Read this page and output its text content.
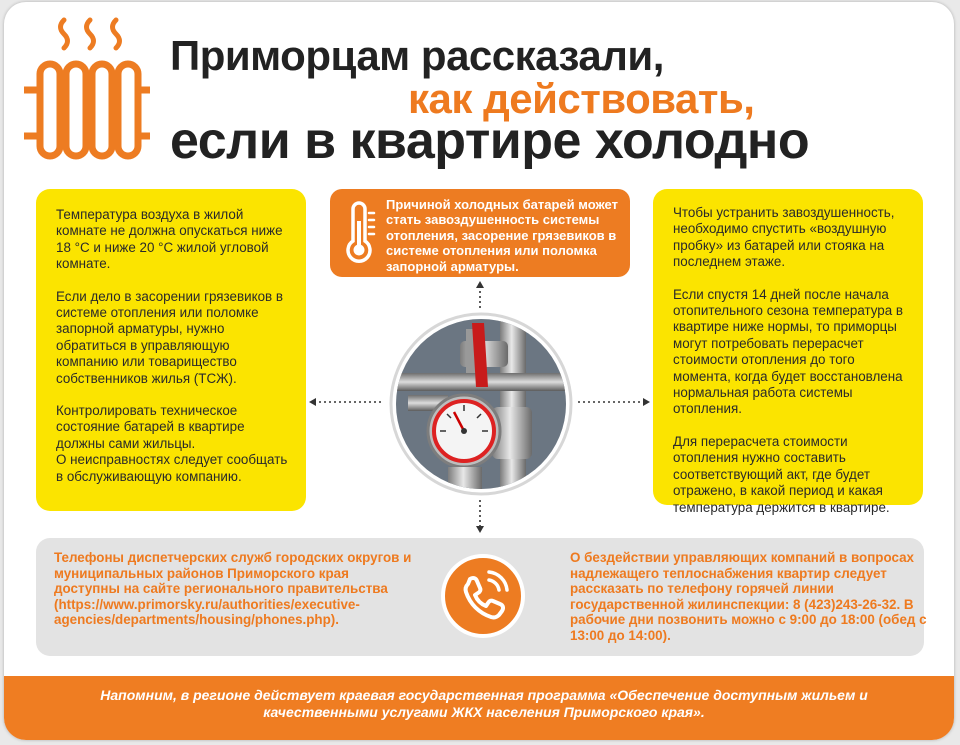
Приморцам рассказали,
как действовать,
если в квартире холодно

Температура воздуха в жилой комнате не должна опускаться ниже 18 °С и ниже 20 °С жилой угловой комнате.

Если дело в засорении грязевиков в системе отопления или поломке запорной арматуры, нужно обратиться в управляющую компанию или товарищество собственников жилья (ТСЖ).

Контролировать техническое состояние батарей в квартире должны сами жильцы.

О неисправностях следует сообщать в обслуживающую компанию.

Причиной холодных батарей может стать завоздушенность системы отопления, засорение грязевиков в системе отопления или поломка запорной арматуры.

Чтобы устранить завоздушенность, необходимо спустить «воздушную пробку» из батарей или стояка на последнем этаже.

Если спустя 14 дней после начала отопительного сезона температура в квартире ниже нормы, то приморцы могут потребовать перерасчет стоимости отопления до того момента, когда будет восстановлена нормальная работа системы отопления.

Для перерасчета стоимости отопления нужно составить соответствующий акт, где будет отражено, в какой период и какая температура держится в квартире.

Телефоны диспетчерских служб городских округов и муниципальных районов Приморского края доступны на сайте регионального правительства (https://www.primorsky.ru/authorities/executive-agencies/departments/housing/phones.php).
О бездействии управляющих компаний в вопросах надлежащего теплоснабжения квартир следует рассказать по телефону горячей линии государственной жилинспекции: 8 (423)243-26-32. В рабочие дни позвонить можно с 9:00 до 18:00 (обед с 13:00 до 14:00).
Напомним, в регионе действует краевая государственная программа «Обеспечение доступным жильем и качественными услугами ЖКХ населения Приморского края».
